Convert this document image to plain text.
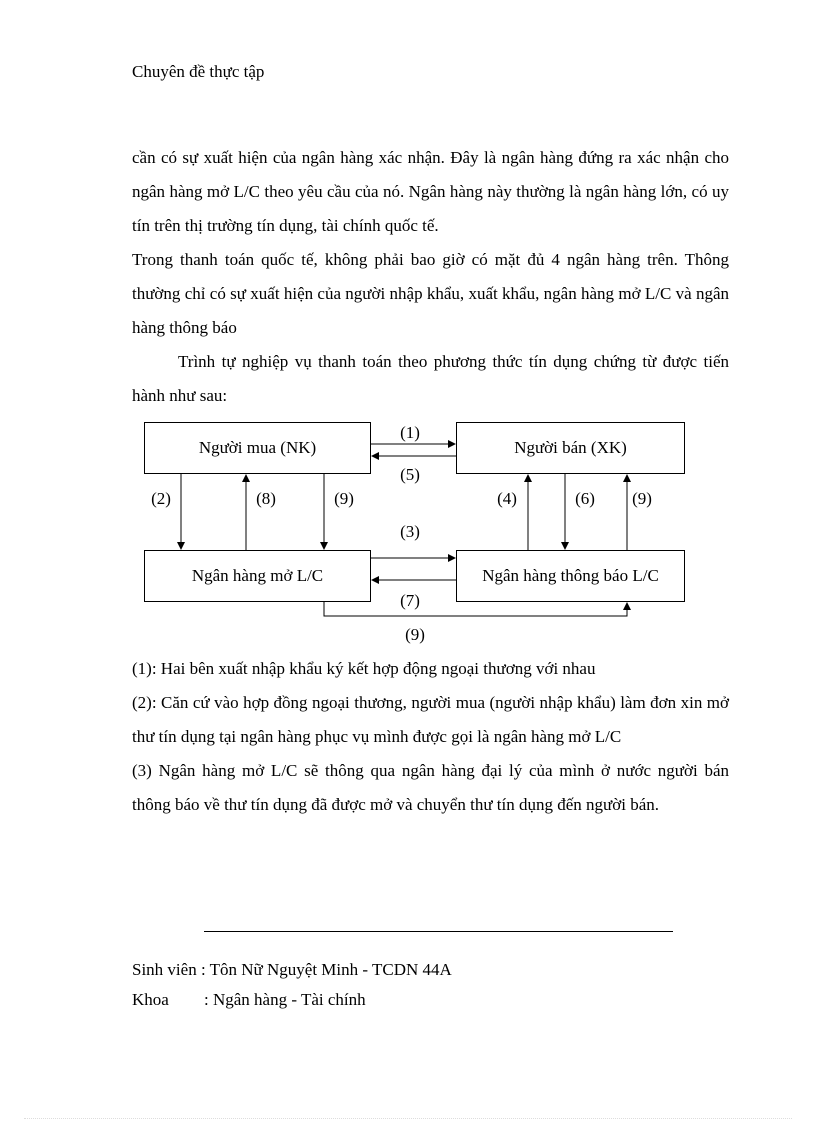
Chuyên đề thực tập
cần có sự xuất hiện của ngân hàng xác nhận. Đây là ngân hàng đứng ra xác nhận cho ngân hàng mở L/C theo yêu cầu của nó. Ngân hàng này thường là ngân hàng lớn, có uy tín trên thị trường tín dụng, tài chính quốc tế.
Trong thanh toán quốc tế, không phải bao giờ có mặt đủ 4 ngân hàng trên. Thông thường chỉ có sự xuất hiện của người nhập khẩu, xuất khẩu, ngân hàng mở L/C và ngân hàng thông báo
Trình tự nghiệp vụ thanh toán theo phương thức tín dụng chứng từ được tiến hành như sau:
Người mua (NK)	Người bán (XK)
Ngân hàng mở L/C	Ngân hàng thông báo L/C
(1)
(5)
(3)
(7)
(2)	(8)	(9)	(4)	(6) (9)
(9)
(1): Hai bên xuất nhập khẩu ký kết hợp động ngoại thương với nhau
(2): Căn cứ vào hợp đồng ngoại thương, người mua (người nhập khẩu) làm đơn xin mở thư tín dụng tại ngân hàng phục vụ mình được gọi là ngân hàng mở L/C
(3) Ngân hàng mở L/C sẽ thông qua ngân hàng đại lý của mình ở nước người bán thông báo về thư tín dụng đã được mở và chuyển thư tín dụng đến người bán.
Sinh viên : Tôn Nữ Nguyệt Minh - TCDN 44A
Khoa : Ngân hàng - Tài chính
